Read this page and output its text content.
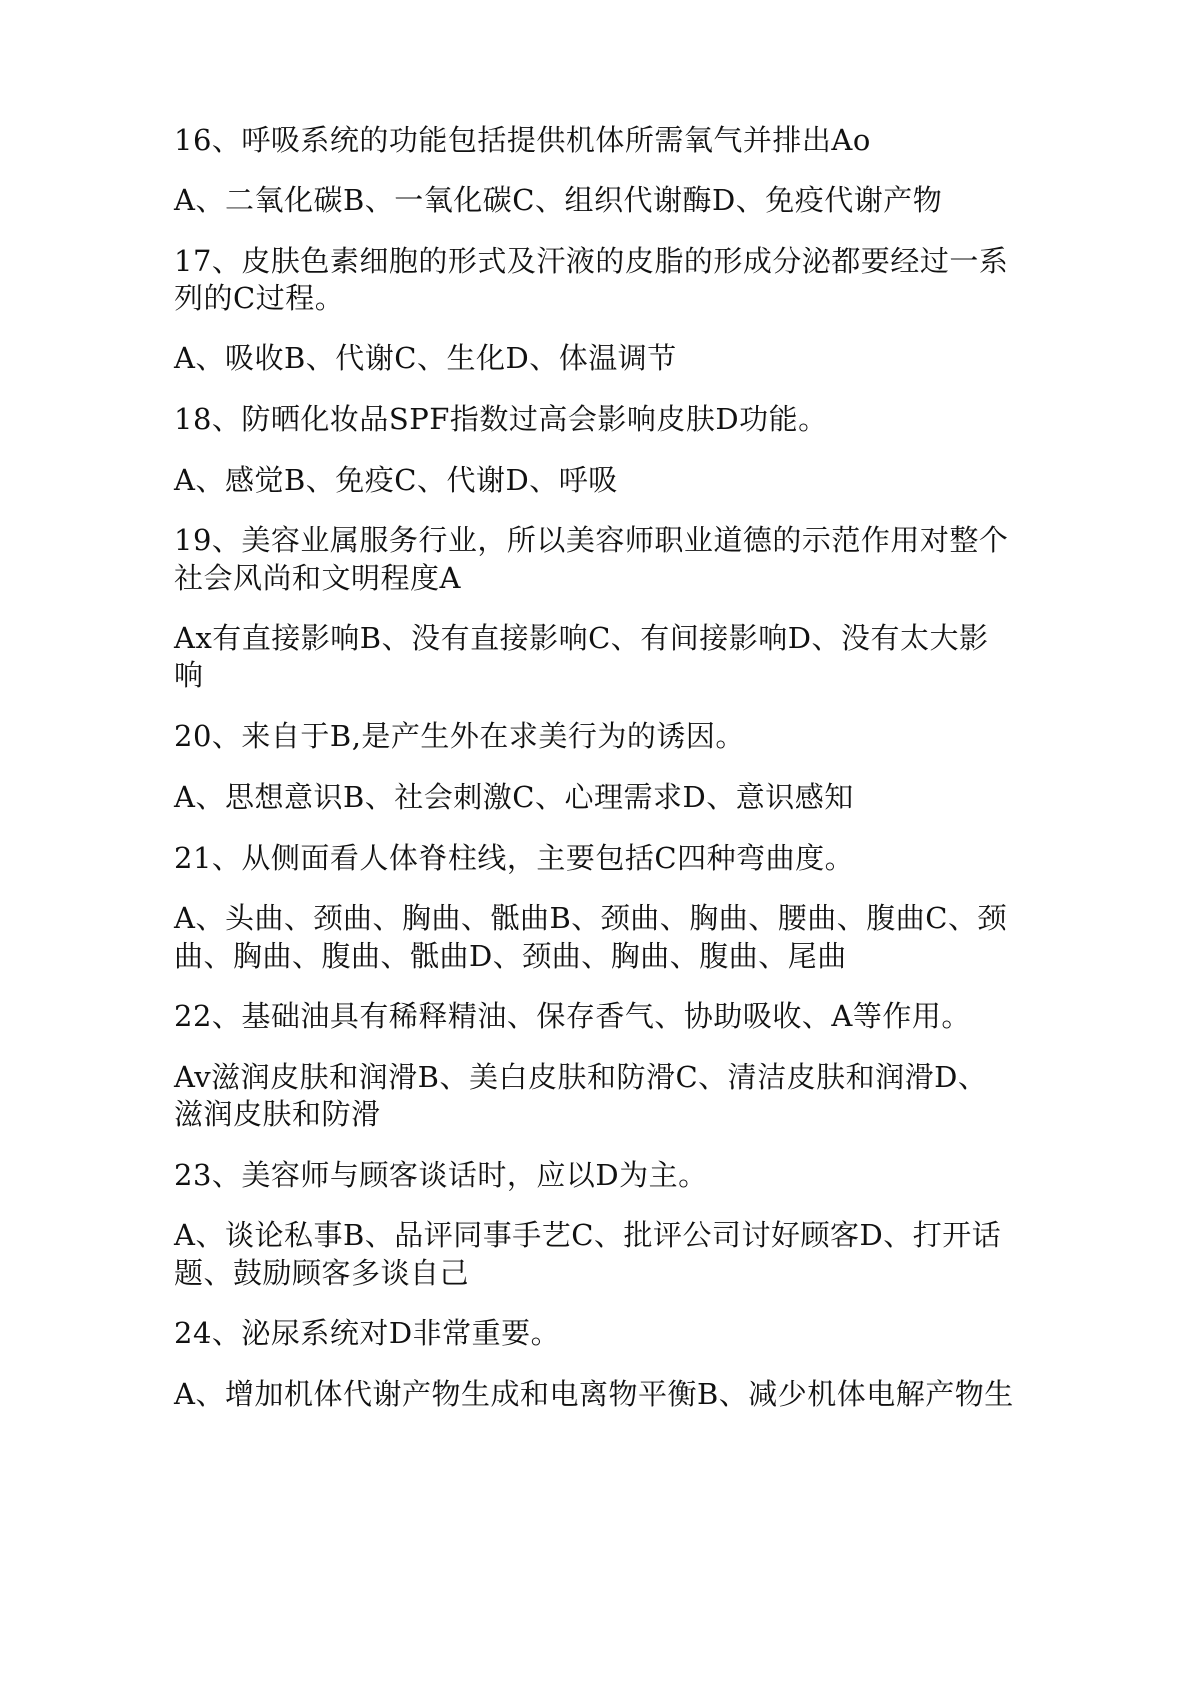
16、呼吸系统的功能包括提供机体所需氧气并排出Ao

A、二氧化碳B、一氧化碳C、组织代谢酶D、免疫代谢产物

17、皮肤色素细胞的形式及汗液的皮脂的形成分泌都要经过一系

列的C过程。

A、吸收B、代谢C、生化D、体温调节

18、防晒化妆品SPF指数过高会影响皮肤D功能。

A、感觉B、免疫C、代谢D、呼吸

19、美容业属服务行业，所以美容师职业道德的示范作用对整个

社会风尚和文明程度A

Ax有直接影响B、没有直接影响C、有间接影响D、没有太大影

响

20、来自于B,是产生外在求美行为的诱因。

A、思想意识B、社会刺激C、心理需求D、意识感知

21、从侧面看人体脊柱线，主要包括C四种弯曲度。

A、头曲、颈曲、胸曲、骶曲B、颈曲、胸曲、腰曲、腹曲C、颈

曲、胸曲、腹曲、骶曲D、颈曲、胸曲、腹曲、尾曲

22、基础油具有稀释精油、保存香气、协助吸收、A等作用。

Av滋润皮肤和润滑B、美白皮肤和防滑C、清洁皮肤和润滑D、

滋润皮肤和防滑

23、美容师与顾客谈话时，应以D为主。

A、谈论私事B、品评同事手艺C、批评公司讨好顾客D、打开话

题、鼓励顾客多谈自己

24、泌尿系统对D非常重要。

A、增加机体代谢产物生成和电离物平衡B、减少机体电解产物生
